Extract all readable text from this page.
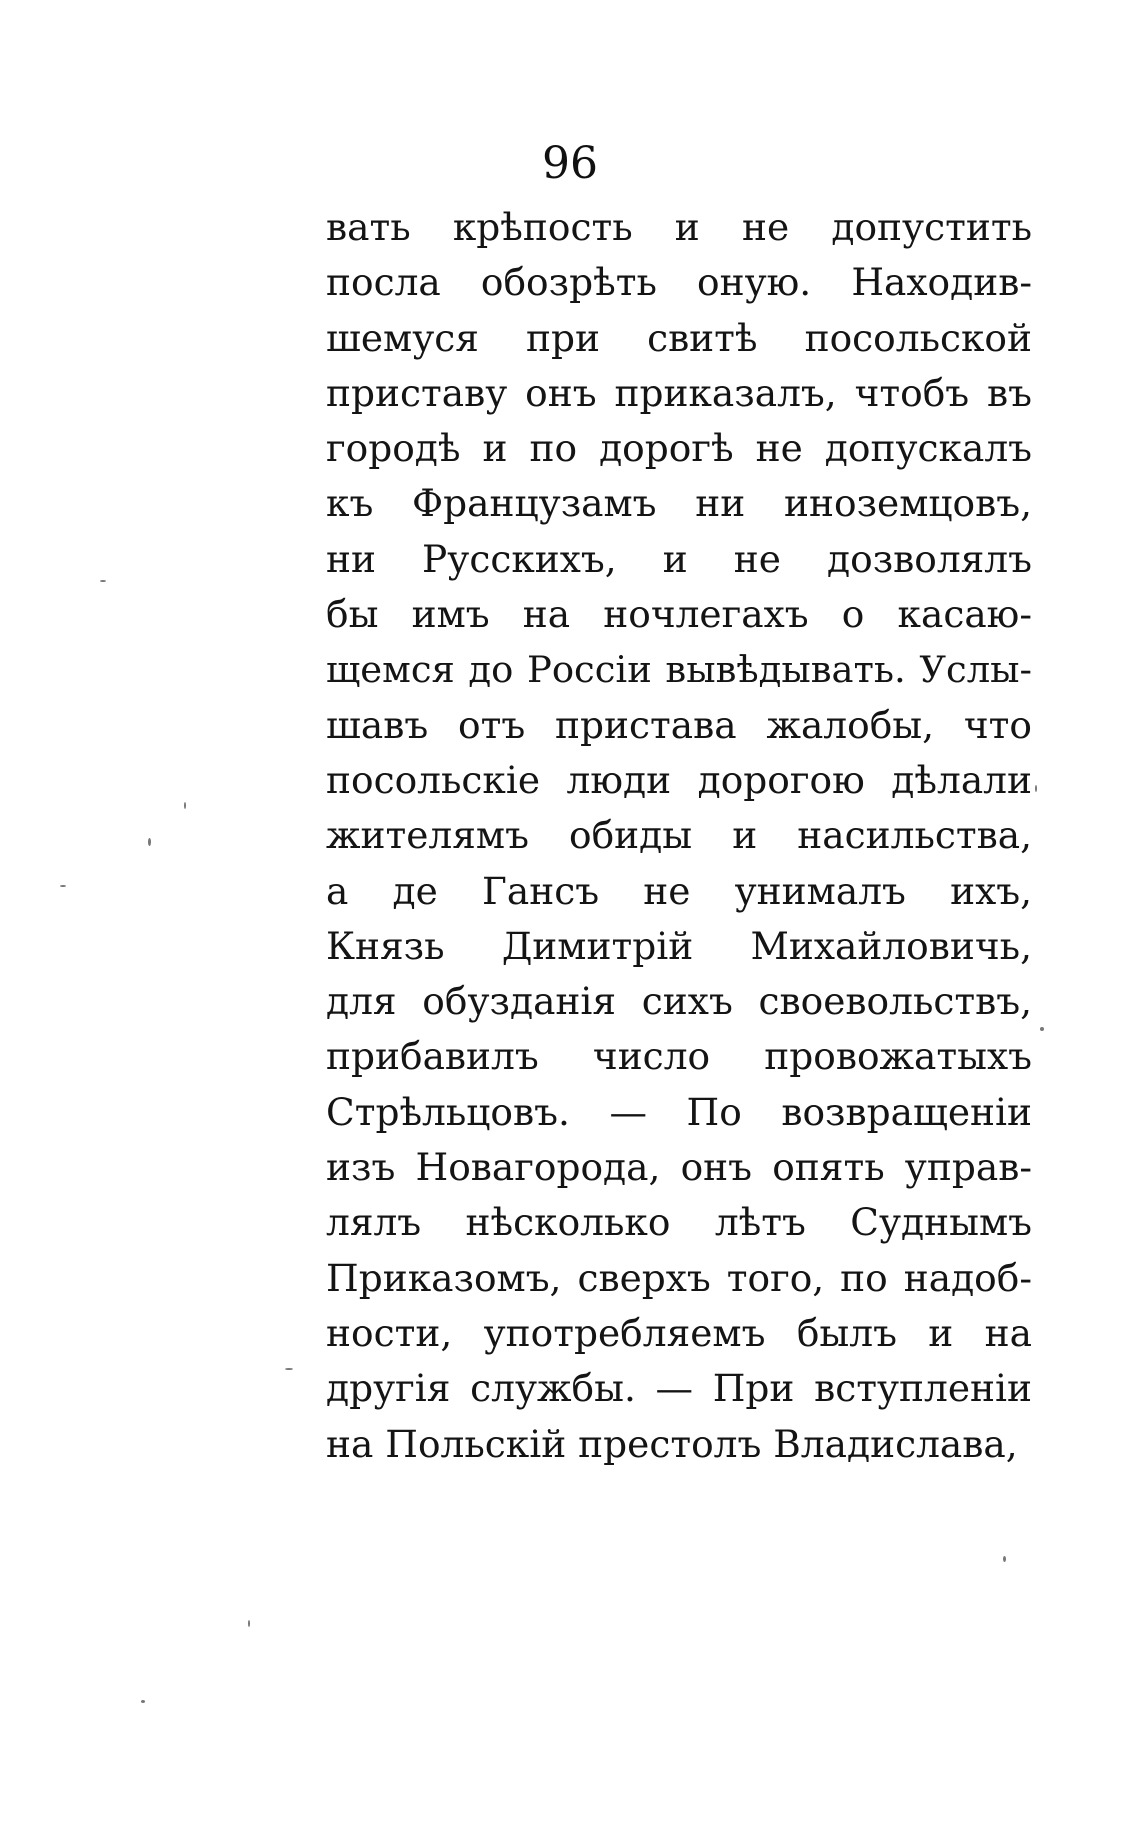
96
вать крѣпость и не допустить
посла обозрѣть оную. Находив-
шемуся при свитѣ посольской
приставу онъ приказалъ, чтобъ въ
городѣ и по дорогѣ не допускалъ
къ Французамъ ни иноземцовъ,
ни Русскихъ, и не дозволялъ
бы имъ на ночлегахъ о касаю-
щемся до Россіи вывѣдывать. Услы-
шавъ отъ пристава жалобы, что
посольскіе люди дорогою дѣлали
жителямъ обиды и насильства,
а де Гансъ не унималъ ихъ,
Князь Димитрій Михайловичь,
для обузданія сихъ своевольствъ,
прибавилъ число провожатыхъ
Стрѣльцовъ. — По возвращеніи
изъ Новагорода, онъ опять управ-
лялъ нѣсколько лѣтъ Суднымъ
Приказомъ, сверхъ того, по надоб-
ности, употребляемъ былъ и на
другія службы. — При вступленіи
на Польскій престолъ Владислава,
